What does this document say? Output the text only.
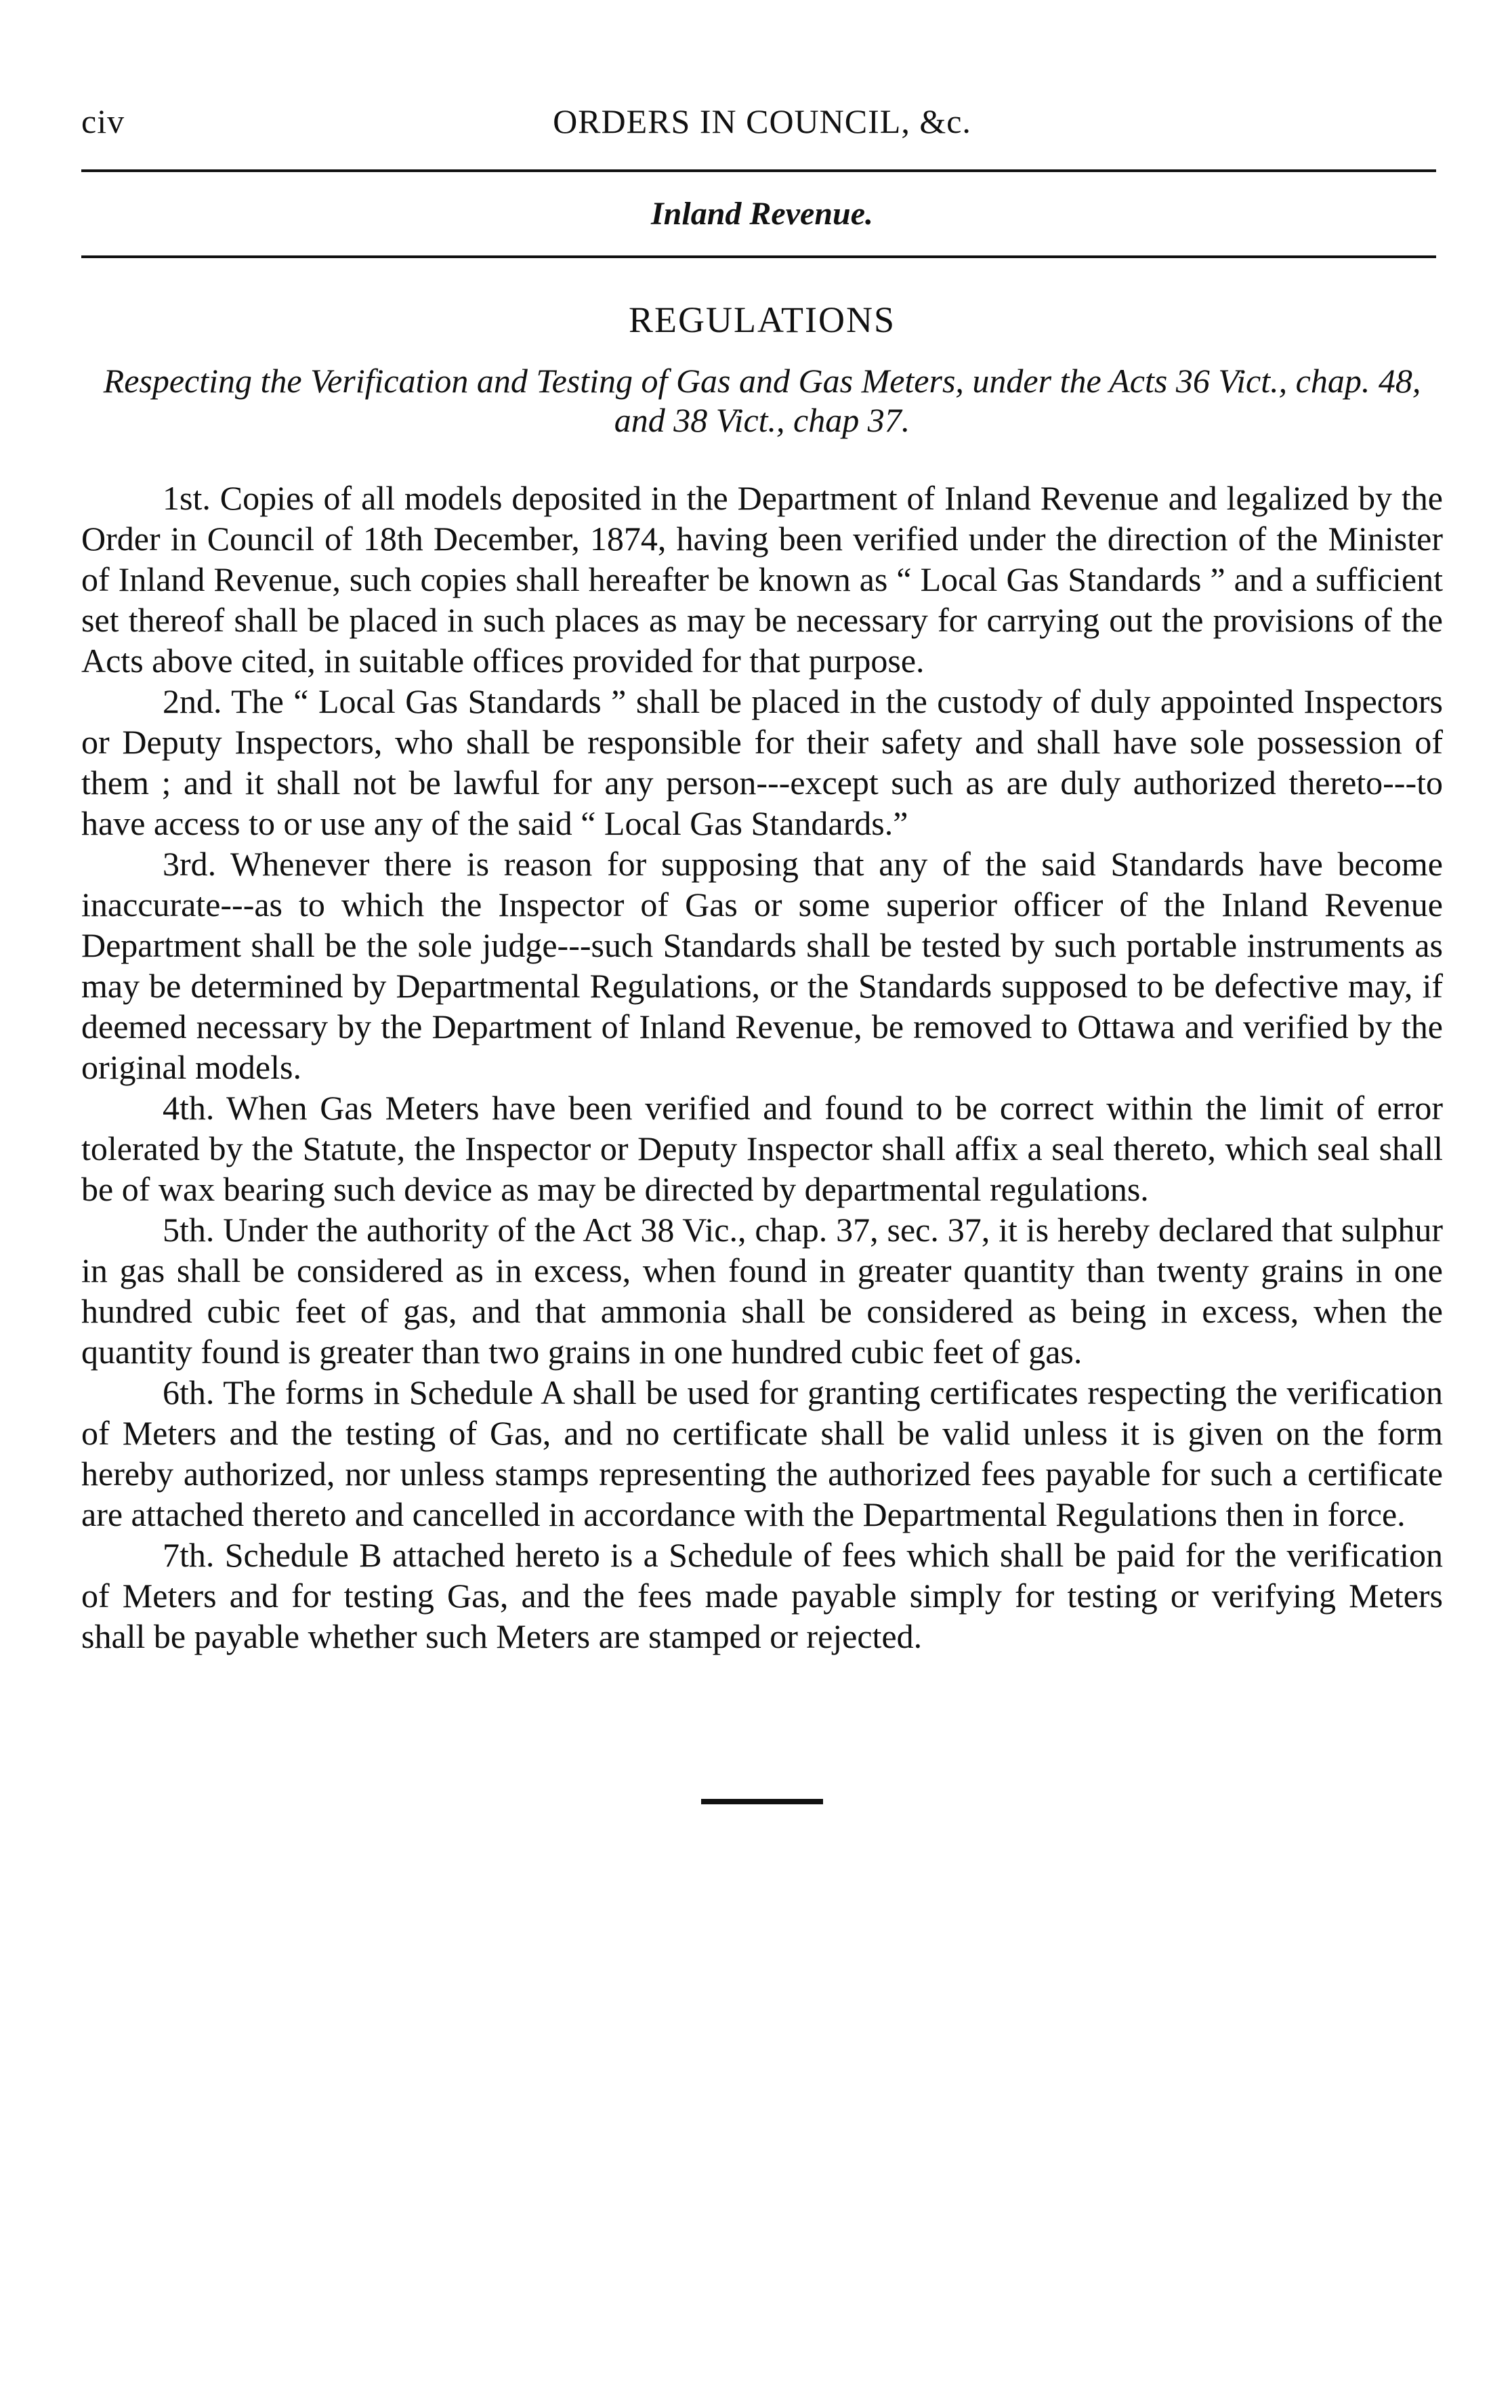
civ	ORDERS IN COUNCIL, &c.
Inland Revenue.
REGULATIONS
Respecting the Verification and Testing of Gas and Gas Meters, under the Acts 36 Vict., chap. 48, and 38 Vict., chap 37.

1st. Copies of all models deposited in the Department of Inland Revenue and legalized by the Order in Council of 18th December, 1874, having been verified under the direction of the Minister of Inland Revenue, such copies shall hereafter be known as “ Local Gas Standards ” and a sufficient set thereof shall be placed in such places as may be necessary for carrying out the provisions of the Acts above cited, in suitable offices provided for that purpose.

2nd. The “ Local Gas Standards ” shall be placed in the custody of duly appointed Inspectors or Deputy Inspectors, who shall be responsible for their safety and shall have sole possession of them ; and it shall not be lawful for any person---except such as are duly authorized thereto---to have access to or use any of the said “ Local Gas Standards.”

3rd. Whenever there is reason for supposing that any of the said Standards have become inaccurate---as to which the Inspector of Gas or some superior officer of the Inland Revenue Department shall be the sole judge---such Standards shall be tested by such portable instruments as may be determined by Departmental Regulations, or the Standards supposed to be defective may, if deemed necessary by the Department of Inland Revenue, be removed to Ottawa and verified by the original models.

4th. When Gas Meters have been verified and found to be correct within the limit of error tolerated by the Statute, the Inspector or Deputy Inspector shall affix a seal thereto, which seal shall be of wax bearing such device as may be directed by departmental regulations.

5th. Under the authority of the Act 38 Vic., chap. 37, sec. 37, it is hereby declared that sulphur in gas shall be considered as in excess, when found in greater quantity than twenty grains in one hundred cubic feet of gas, and that ammonia shall be considered as being in excess, when the quantity found is greater than two grains in one hundred cubic feet of gas.

6th. The forms in Schedule A shall be used for granting certificates respecting the verification of Meters and the testing of Gas, and no certificate shall be valid unless it is given on the form hereby authorized, nor unless stamps representing the authorized fees payable for such a certificate are attached thereto and cancelled in accordance with the Departmental Regulations then in force.

7th. Schedule B attached hereto is a Schedule of fees which shall be paid for the verification of Meters and for testing Gas, and the fees made payable simply for testing or verifying Meters shall be payable whether such Meters are stamped or rejected.
